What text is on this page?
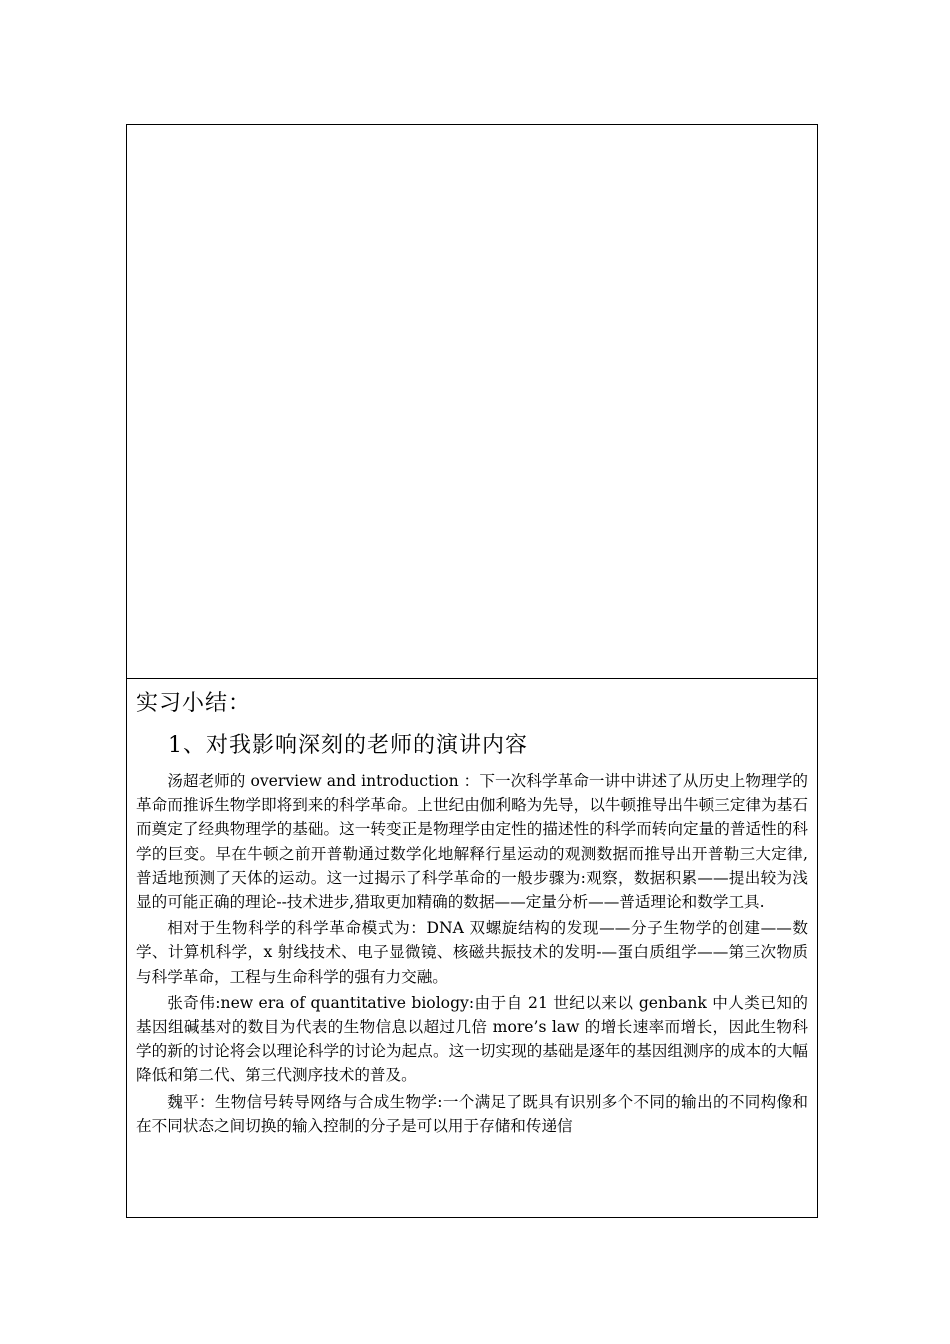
实习小结：
1、对我影响深刻的老师的演讲内容

汤超老师的 overview and introduction ：下一次科学革命一讲中讲述了从历史上物理学的革命而推诉生物学即将到来的科学革命。上世纪由伽利略为先导，以牛顿推导出牛顿三定律为基石而奠定了经典物理学的基础。这一转变正是物理学由定性的描述性的科学而转向定量的普适性的科学的巨变。早在牛顿之前开普勒通过数学化地解释行星运动的观测数据而推导出开普勒三大定律,普适地预测了天体的运动。这一过揭示了科学革命的一般步骤为:观察，数据积累——提出较为浅显的可能正确的理论--技术进步,猎取更加精确的数据——定量分析——普适理论和数学工具.

相对于生物科学的科学革命模式为：DNA 双螺旋结构的发现——分子生物学的创建——数学、计算机科学，x 射线技术、电子显微镜、核磁共振技术的发明-—蛋白质组学——第三次物质与科学革命，工程与生命科学的强有力交融。

张奇伟:new era of quantitative biology:由于自 21 世纪以来以 genbank 中人类已知的基因组碱基对的数目为代表的生物信息以超过几倍 more’s law 的增长速率而增长，因此生物科学的新的讨论将会以理论科学的讨论为起点。这一切实现的基础是逐年的基因组测序的成本的大幅降低和第二代、第三代测序技术的普及。

魏平：生物信号转导网络与合成生物学:一个满足了既具有识别多个不同的输出的不同构像和在不同状态之间切换的输入控制的分子是可以用于存储和传递信
